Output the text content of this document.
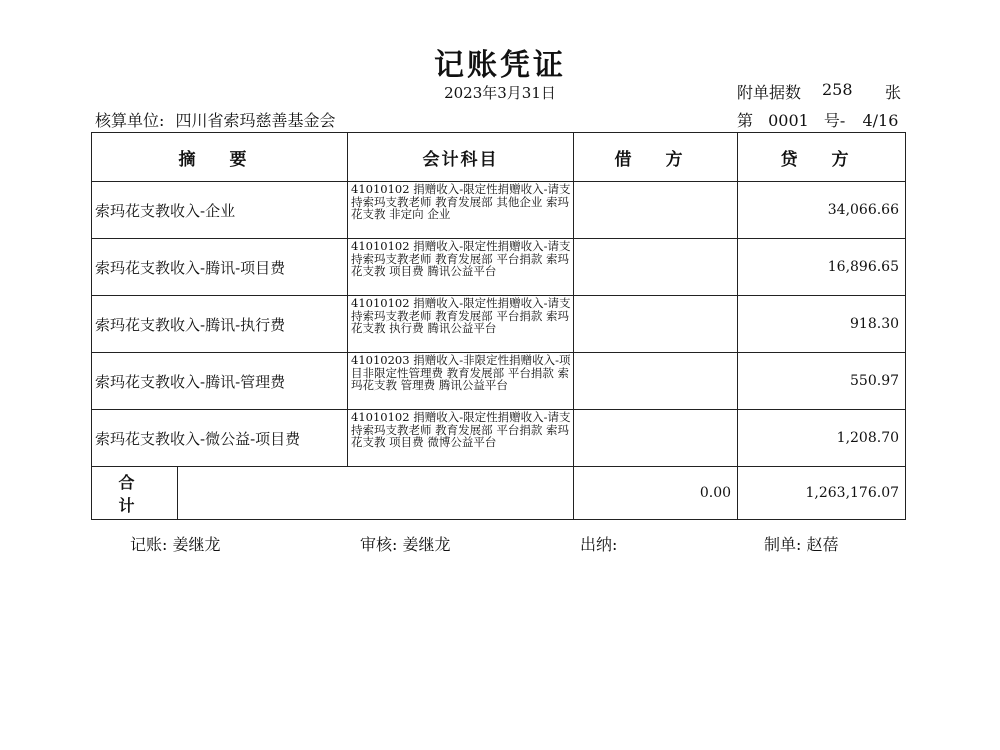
记账凭证
2023年3月31日	附单据数 258 张
核算单位: 四川省索玛慈善基金会	第 0001 号- 4/16
摘 要		会计科目	借 方	贷 方
索玛花支教收入-企业		41010102 捐赠收入-限定性捐赠收入-请支持索玛支教老师 教育发展部 其他企业 索玛花支教 非定向 企业		34,066.66
索玛花支教收入-腾讯-项目费		41010102 捐赠收入-限定性捐赠收入-请支持索玛支教老师 教育发展部 平台捐款 索玛花支教 项目费 腾讯公益平台		16,896.65
索玛花支教收入-腾讯-执行费		41010102 捐赠收入-限定性捐赠收入-请支持索玛支教老师 教育发展部 平台捐款 索玛花支教 执行费 腾讯公益平台		918.30
索玛花支教收入-腾讯-管理费		41010203 捐赠收入-非限定性捐赠收入-项目非限定性管理费 教育发展部 平台捐款 索玛花支教 管理费 腾讯公益平台		550.97
索玛花支教收入-微公益-项目费		41010102 捐赠收入-限定性捐赠收入-请支持索玛支教老师 教育发展部 平台捐款 索玛花支教 项目费 微博公益平台		1,208.70
合 计			0.00	1,263,176.07
记账: 姜继龙	审核: 姜继龙	出纳:	制单: 赵蓓
